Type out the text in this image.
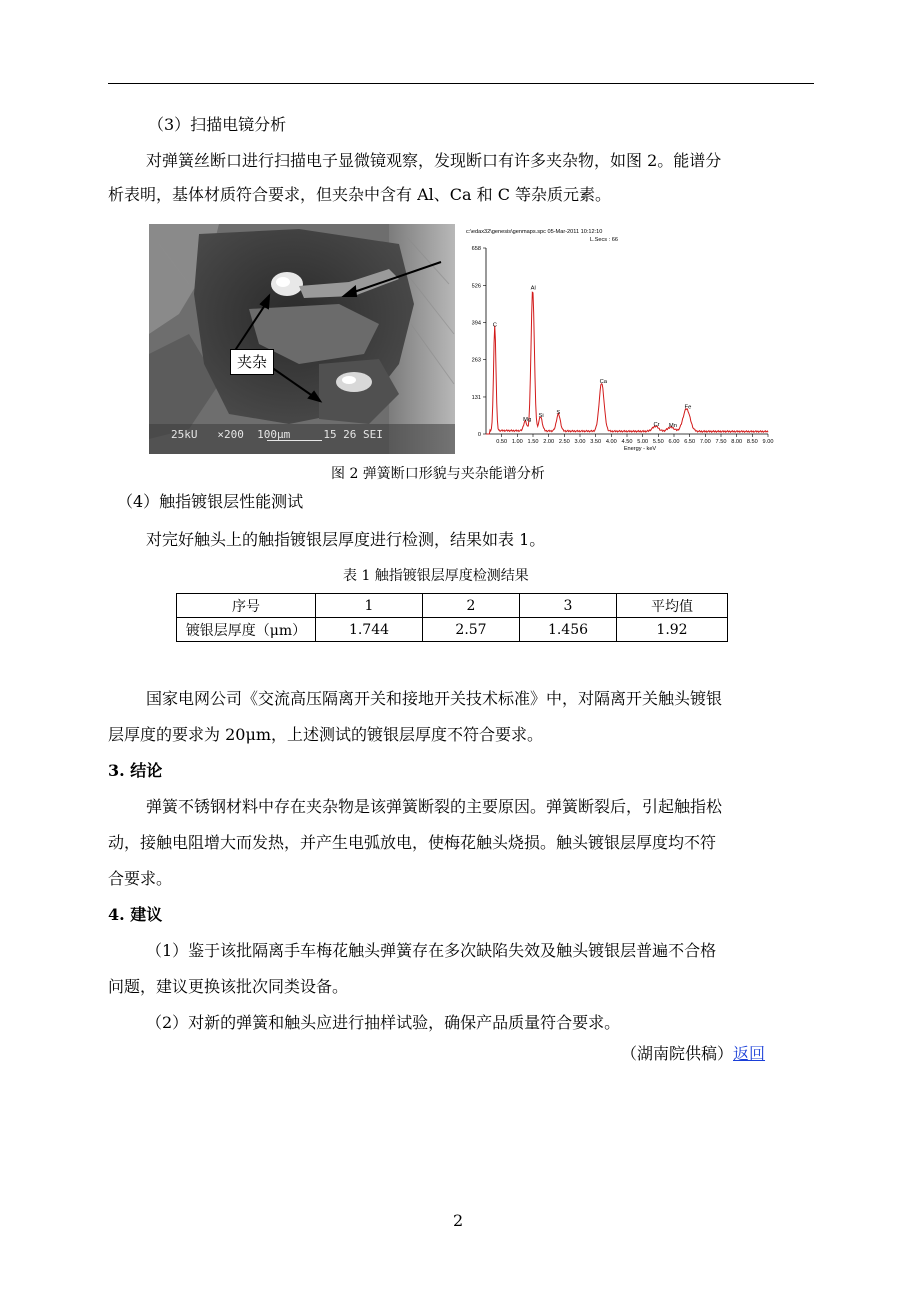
（3）扫描电镜分析
对弹簧丝断口进行扫描电子显微镜观察，发现断口有许多夹杂物，如图 2。能谱分
析表明，基体材质符合要求，但夹杂中含有 Al、Ca 和 C 等杂质元素。
夹杂
25kU   ×200  100μm     15 26 SEI
c:\edax32\genesis\genmaps.spc 05-Mar-2011 10:12:10
L.Secs : 66
0
131
263
394
526
658
0.50 1.00 1.50 2.00 2.50 3.00 3.50 4.00 4.50 5.00 5.50 6.00 6.50 7.00 7.50 8.00 8.50 9.00
C
Mg
Al
Si S
Ca
Cr Mn
Fe
Energy - keV
图 2 弹簧断口形貌与夹杂能谱分析
（4）触指镀银层性能测试
对完好触头上的触指镀银层厚度进行检测，结果如表 1。
表 1 触指镀银层厚度检测结果
序号	1	2	3	平均值
镀银层厚度（μm）	1.744	2.57	1.456	1.92
国家电网公司《交流高压隔离开关和接地开关技术标准》中，对隔离开关触头镀银
层厚度的要求为 20μm，上述测试的镀银层厚度不符合要求。
3. 结论
弹簧不锈钢材料中存在夹杂物是该弹簧断裂的主要原因。弹簧断裂后，引起触指松
动，接触电阻增大而发热，并产生电弧放电，使梅花触头烧损。触头镀银层厚度均不符
合要求。
4. 建议
（1）鉴于该批隔离手车梅花触头弹簧存在多次缺陷失效及触头镀银层普遍不合格
问题，建议更换该批次同类设备。
（2）对新的弹簧和触头应进行抽样试验，确保产品质量符合要求。
（湖南院供稿）返回
2
